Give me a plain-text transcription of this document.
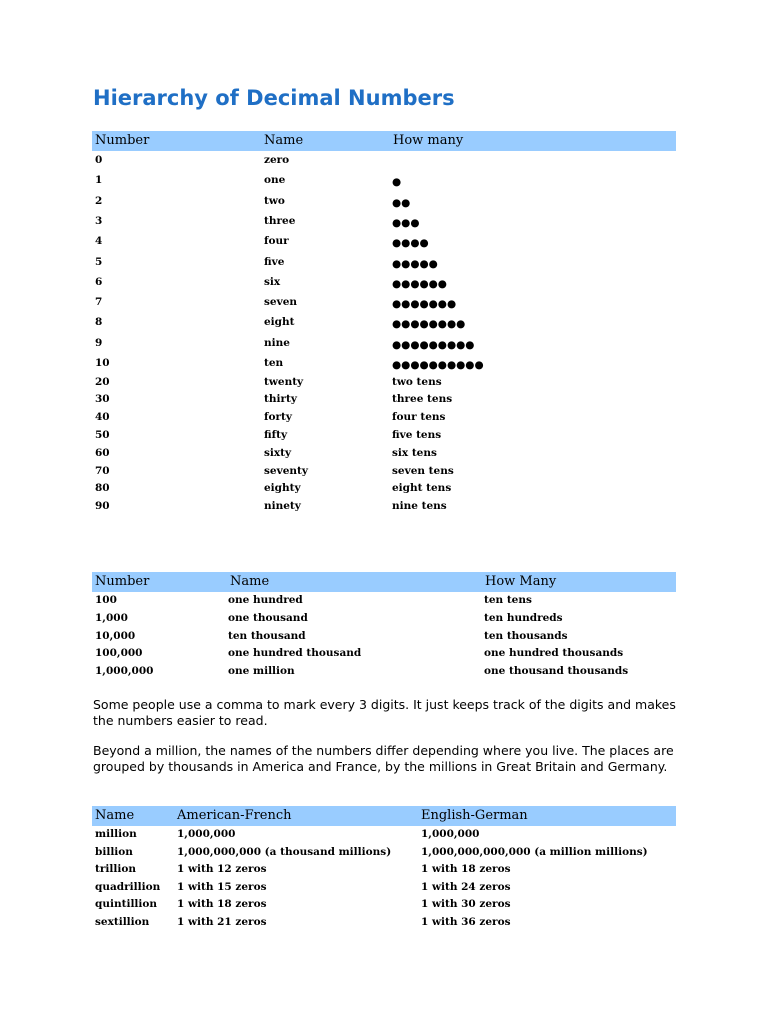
Hierarchy of Decimal Numbers
Number	Name	How many
0	zero
1	one	●
2	two	●●
3	three	●●●
4	four	●●●●
5	five	●●●●●
6	six	●●●●●●
7	seven	●●●●●●●
8	eight	●●●●●●●●
9	nine	●●●●●●●●●
10	ten	●●●●●●●●●●
20	twenty	two tens
30	thirty	three tens
40	forty	four tens
50	fifty	five tens
60	sixty	six tens
70	seventy	seven tens
80	eighty	eight tens
90	ninety	nine tens
Number	Name	How Many
100	one hundred	ten tens
1,000	one thousand	ten hundreds
10,000	ten thousand	ten thousands
100,000	one hundred thousand	one hundred thousands
1,000,000	one million	one thousand thousands
Some people use a comma to mark every 3 digits. It just keeps track of the digits and makes the numbers easier to read.
Beyond a million, the names of the numbers differ depending where you live. The places are grouped by thousands in America and France, by the millions in Great Britain and Germany.
Name	American-French	English-German
million	1,000,000	1,000,000
billion	1,000,000,000 (a thousand millions)	1,000,000,000,000 (a million millions)
trillion	1 with 12 zeros	1 with 18 zeros
quadrillion 1 with 15 zeros	1 with 24 zeros
quintillion 1 with 18 zeros	1 with 30 zeros
sextillion	1 with 21 zeros	1 with 36 zeros
